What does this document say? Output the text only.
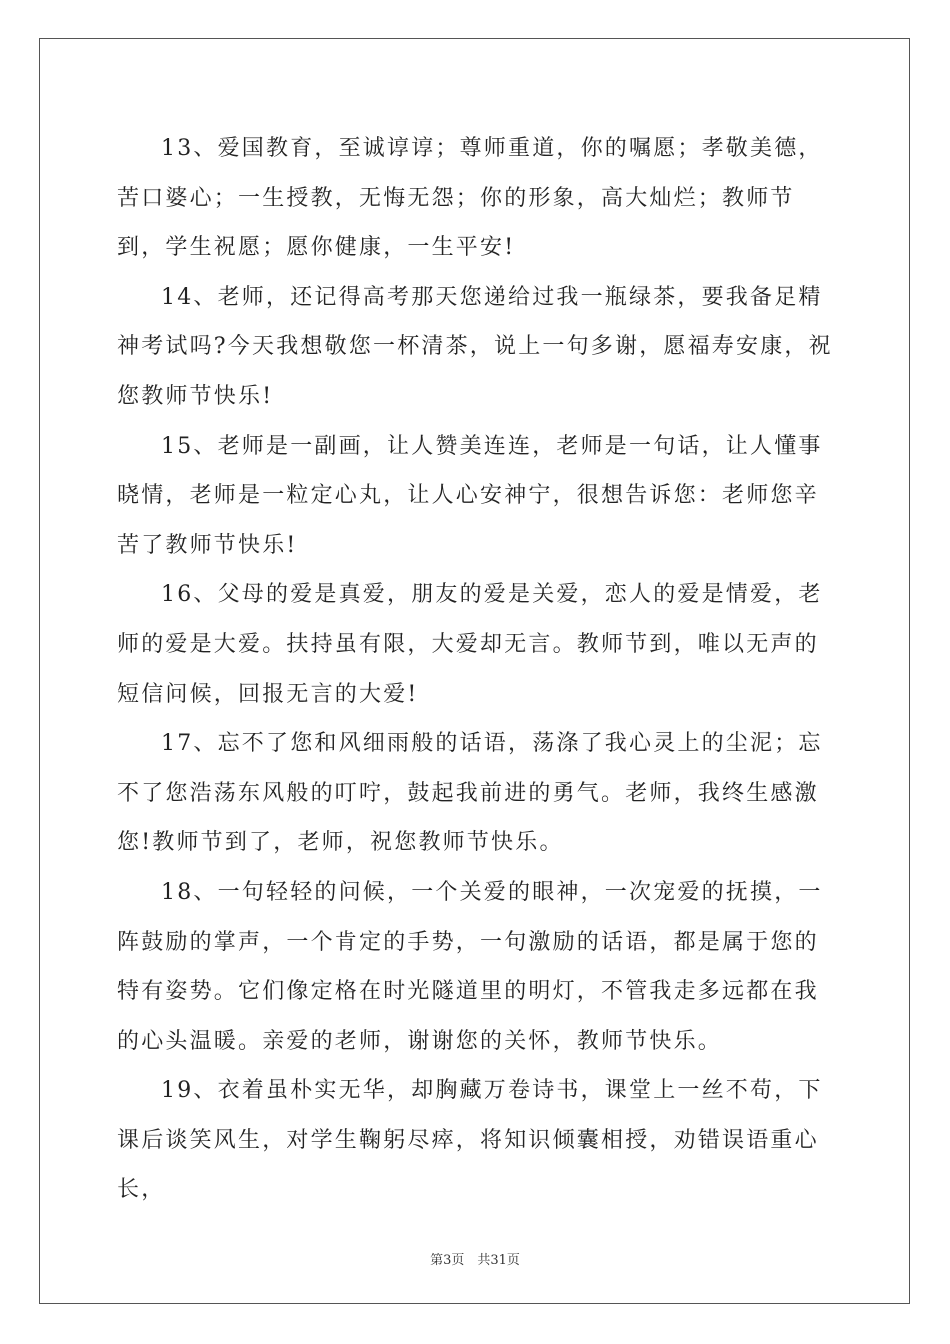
13、爱国教育，至诚谆谆；尊师重道，你的嘱愿；孝敬美德，苦口婆心；一生授教，无悔无怨；你的形象，高大灿烂；教师节到，学生祝愿；愿你健康，一生平安!

14、老师，还记得高考那天您递给过我一瓶绿茶，要我备足精神考试吗?今天我想敬您一杯清茶，说上一句多谢，愿福寿安康，祝您教师节快乐!

15、老师是一副画，让人赞美连连，老师是一句话，让人懂事晓情，老师是一粒定心丸，让人心安神宁，很想告诉您：老师您辛苦了教师节快乐!

16、父母的爱是真爱，朋友的爱是关爱，恋人的爱是情爱，老师的爱是大爱。扶持虽有限，大爱却无言。教师节到，唯以无声的短信问候，回报无言的大爱!

17、忘不了您和风细雨般的话语，荡涤了我心灵上的尘泥；忘不了您浩荡东风般的叮咛，鼓起我前进的勇气。老师，我终生感激您!教师节到了，老师，祝您教师节快乐。

18、一句轻轻的问候，一个关爱的眼神，一次宠爱的抚摸，一阵鼓励的掌声，一个肯定的手势，一句激励的话语，都是属于您的特有姿势。它们像定格在时光隧道里的明灯，不管我走多远都在我的心头温暖。亲爱的老师，谢谢您的关怀，教师节快乐。

19、衣着虽朴实无华，却胸藏万卷诗书，课堂上一丝不苟，下课后谈笑风生，对学生鞠躬尽瘁，将知识倾囊相授，劝错误语重心长，

第3页　共31页
